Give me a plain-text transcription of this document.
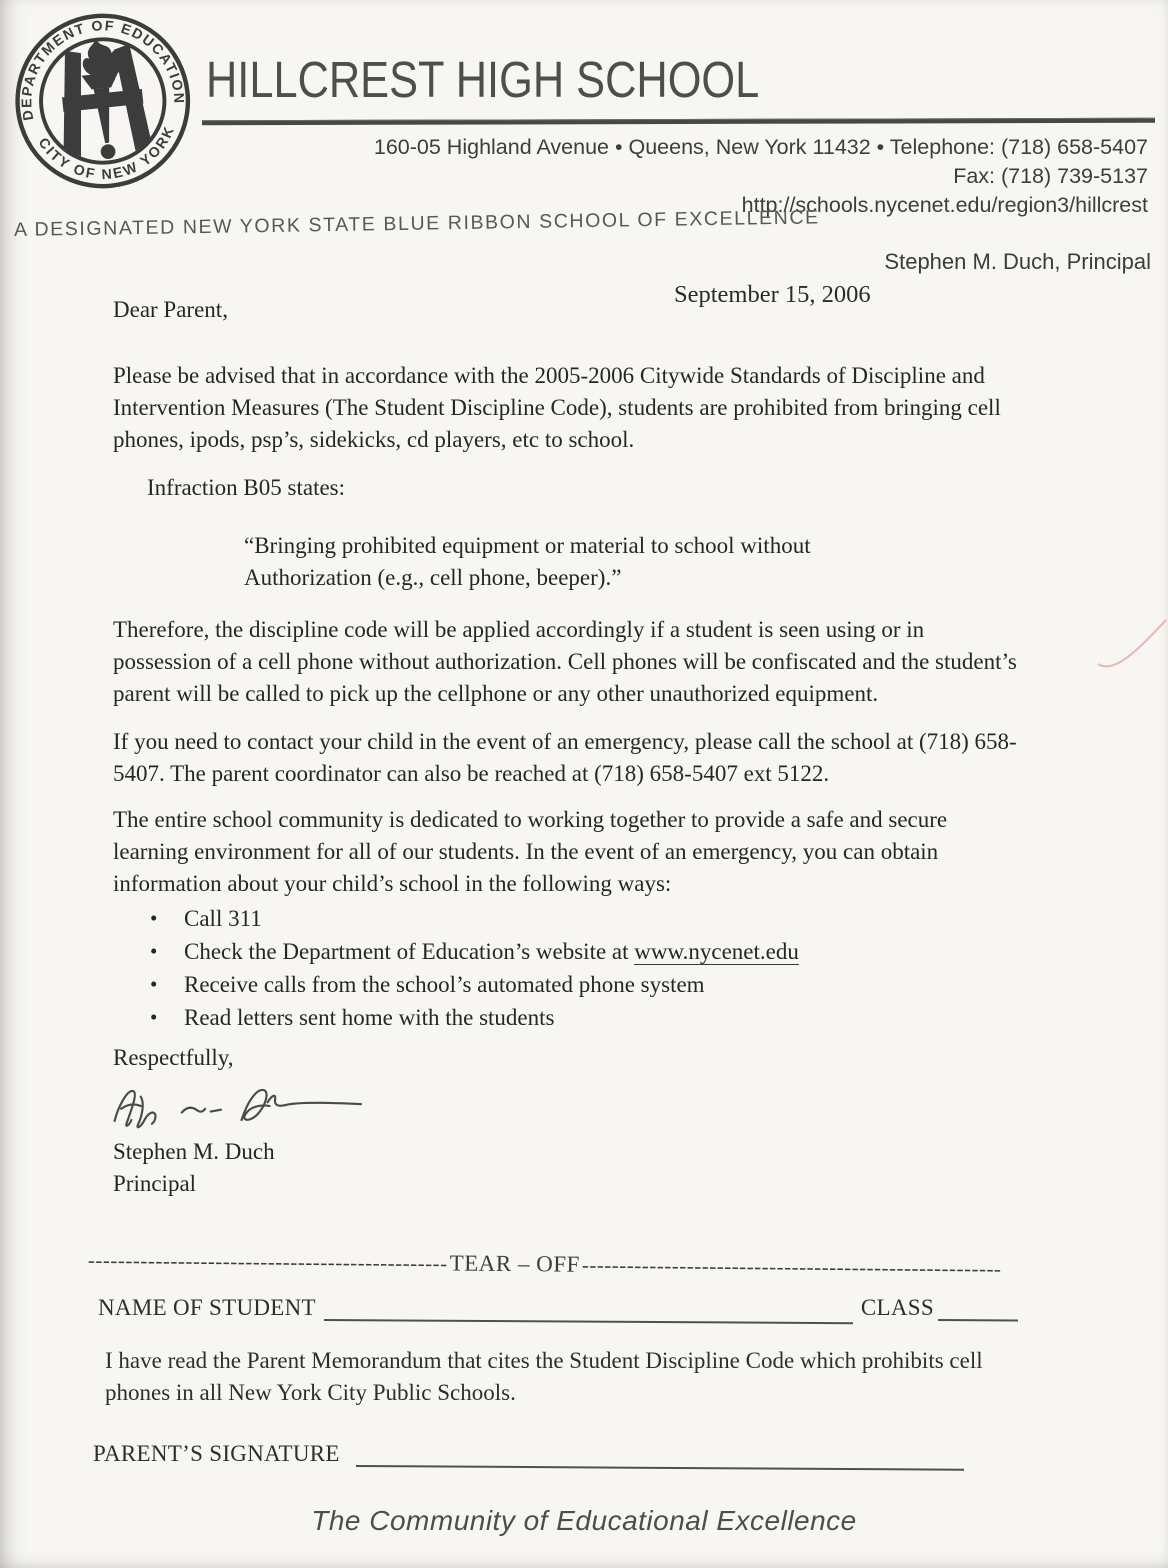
DEPARTMENT OF EDUCATION
CITY OF NEW YORK
HILLCREST HIGH SCHOOL
160-05 Highland Avenue • Queens, New York 11432 • Telephone: (718) 658-5407
Fax: (718) 739-5137
http://schools.nycenet.edu/region3/hillcrest
A DESIGNATED NEW YORK STATE BLUE RIBBON SCHOOL OF EXCELLENCE
Stephen M. Duch, Principal
September 15, 2006
Dear Parent,
Please be advised that in accordance with the 2005-2006 Citywide Standards of Discipline and Intervention Measures (The Student Discipline Code), students are prohibited from bringing cell phones, ipods, psp’s, sidekicks, cd players, etc to school.
Infraction B05 states:
“Bringing prohibited equipment or material to school without
Authorization (e.g., cell phone, beeper).”
Therefore, the discipline code will be applied accordingly if a student is seen using or in possession of a cell phone without authorization. Cell phones will be confiscated and the student’s parent will be called to pick up the cellphone or any other unauthorized equipment.
If you need to contact your child in the event of an emergency, please call the school at (718) 658-5407. The parent coordinator can also be reached at (718) 658-5407 ext 5122.
The entire school community is dedicated to working together to provide a safe and secure learning environment for all of our students. In the event of an emergency, you can obtain information about your child’s school in the following ways:
• Call 311
• Check the Department of Education’s website at www.nycenet.edu
• Receive calls from the school’s automated phone system
• Read letters sent home with the students
Respectfully,
Stephen M. Duch
Principal
------------------------------------------------ TEAR – OFF --------------------------------------------------------
NAME OF STUDENT	CLASS
I have read the Parent Memorandum that cites the Student Discipline Code which prohibits cell phones in all New York City Public Schools.
PARENT’S SIGNATURE
The Community of Educational Excellence
